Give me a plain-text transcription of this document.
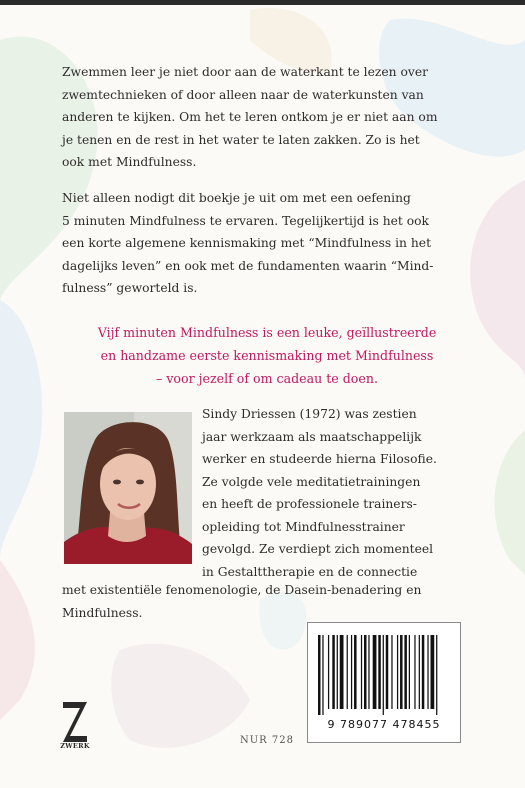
Zwemmen leer je niet door aan de waterkant te lezen over
zwemtechnieken of door alleen naar de waterkunsten van
anderen te kijken. Om het te leren ontkom je er niet aan om
je tenen en de rest in het water te laten zakken. Zo is het
ook met Mindfulness.

Niet alleen nodigt dit boekje je uit om met een oefening
5 minuten Mindfulness te ervaren. Tegelijkertijd is het ook
een korte algemene kennismaking met “Mindfulness in het
dagelijks leven” en ook met de fundamenten waarin “Mind-
fulness” geworteld is.

Vijf minuten Mindfulness is een leuke, geïllustreerde
en handzame eerste kennismaking met Mindfulness
– voor jezelf of om cadeau te doen.

Sindy Driessen (1972) was zestien
jaar werkzaam als maatschappelijk
werker en studeerde hierna Filosofie.
Ze volgde vele meditatietrainingen
en heeft de professionele trainers-
opleiding tot Mindfulnesstrainer
gevolgd. Ze verdiept zich momenteel
in Gestalttherapie en de connectie

met existentiële fenomenologie, de Dasein-benadering en
Mindfulness.

9 789077 478455
ZWERK	NUR 728
